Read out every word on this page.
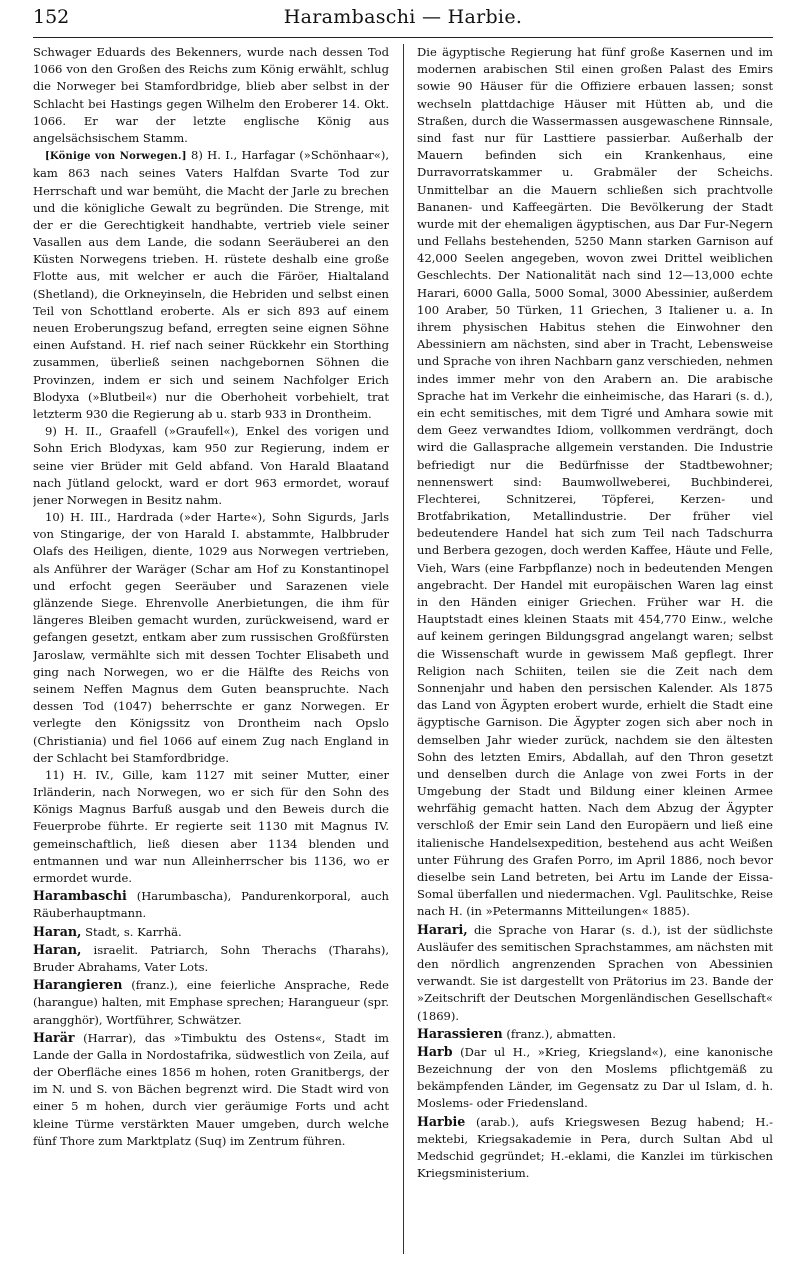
152	Harambaschi — Harbie.

Schwager Eduards des Bekenners, wurde nach dessen Tod 1066 von den Großen des Reichs zum König erwählt, schlug die Norweger bei Stamfordbridge, blieb aber selbst in der Schlacht bei Hastings gegen Wilhelm den Eroberer 14. Okt. 1066. Er war der letzte englische König aus angelsächsischem Stamm.

[Könige von Norwegen.] 8) H. I., Harfagar (»Schönhaar«), kam 863 nach seines Vaters Halfdan Svarte Tod zur Herrschaft und war bemüht, die Macht der Jarle zu brechen und die königliche Gewalt zu begründen. Die Strenge, mit der er die Gerechtigkeit handhabte, vertrieb viele seiner Vasallen aus dem Lande, die sodann Seeräuberei an den Küsten Norwegens trieben. H. rüstete deshalb eine große Flotte aus, mit welcher er auch die Färöer, Hialtaland (Shetland), die Orkneyinseln, die Hebriden und selbst einen Teil von Schottland eroberte. Als er sich 893 auf einem neuen Eroberungszug befand, erregten seine eignen Söhne einen Aufstand. H. rief nach seiner Rückkehr ein Storthing zusammen, überließ seinen nachgebornen Söhnen die Provinzen, indem er sich und seinem Nachfolger Erich Blodyxa (»Blutbeil«) nur die Oberhoheit vorbehielt, trat letzterm 930 die Regierung ab u. starb 933 in Drontheim.

9) H. II., Graafell (»Graufell«), Enkel des vorigen und Sohn Erich Blodyxas, kam 950 zur Regierung, indem er seine vier Brüder mit Geld abfand. Von Harald Blaatand nach Jütland gelockt, ward er dort 963 ermordet, worauf jener Norwegen in Besitz nahm.

10) H. III., Hardrada (»der Harte«), Sohn Sigurds, Jarls von Stingarige, der von Harald I. abstammte, Halbbruder Olafs des Heiligen, diente, 1029 aus Norwegen vertrieben, als Anführer der Waräger (Schar am Hof zu Konstantinopel und erfocht gegen Seeräuber und Sarazenen viele glänzende Siege. Ehrenvolle Anerbietungen, die ihm für längeres Bleiben gemacht wurden, zurückweisend, ward er gefangen gesetzt, entkam aber zum russischen Großfürsten Jaroslaw, vermählte sich mit dessen Tochter Elisabeth und ging nach Norwegen, wo er die Hälfte des Reichs von seinem Neffen Magnus dem Guten beanspruchte. Nach dessen Tod (1047) beherrschte er ganz Norwegen. Er verlegte den Königssitz von Drontheim nach Opslo (Christiania) und fiel 1066 auf einem Zug nach England in der Schlacht bei Stamfordbridge.

11) H. IV., Gille, kam 1127 mit seiner Mutter, einer Irländerin, nach Norwegen, wo er sich für den Sohn des Königs Magnus Barfuß ausgab und den Beweis durch die Feuerprobe führte. Er regierte seit 1130 mit Magnus IV. gemeinschaftlich, ließ diesen aber 1134 blenden und entmannen und war nun Alleinherrscher bis 1136, wo er ermordet wurde.

Harambaschi (Harumbascha), Pandurenkorporal, auch Räuberhauptmann.

Haran, Stadt, s. Karrhä.

Haran, israelit. Patriarch, Sohn Therachs (Tharahs), Bruder Abrahams, Vater Lots.

Harangieren (franz.), eine feierliche Ansprache, Rede (harangue) halten, mit Emphase sprechen; Harangueur (spr. arangghör), Wortführer, Schwätzer.

Harär (Harrar), das »Timbuktu des Ostens«, Stadt im Lande der Galla in Nordostafrika, südwestlich von Zeila, auf der Oberfläche eines 1856 m hohen, roten Granitbergs, der im N. und S. von Bächen begrenzt wird. Die Stadt wird von einer 5 m hohen, durch vier geräumige Forts und acht kleine Türme verstärkten Mauer umgeben, durch welche fünf Thore zum Marktplatz (Suq) im Zentrum führen.

Die ägyptische Regierung hat fünf große Kasernen und im modernen arabischen Stil einen großen Palast des Emirs sowie 90 Häuser für die Offiziere erbauen lassen; sonst wechseln plattdachige Häuser mit Hütten ab, und die Straßen, durch die Wassermassen ausgewaschene Rinnsale, sind fast nur für Lasttiere passierbar. Außerhalb der Mauern befinden sich ein Krankenhaus, eine Durravorratskammer u. Grabmäler der Scheichs. Unmittelbar an die Mauern schließen sich prachtvolle Bananen- und Kaffeegärten. Die Bevölkerung der Stadt wurde mit der ehemaligen ägyptischen, aus Dar Fur-Negern und Fellahs bestehenden, 5250 Mann starken Garnison auf 42,000 Seelen angegeben, wovon zwei Drittel weiblichen Geschlechts. Der Nationalität nach sind 12—13,000 echte Harari, 6000 Galla, 5000 Somal, 3000 Abessinier, außerdem 100 Araber, 50 Türken, 11 Griechen, 3 Italiener u. a. In ihrem physischen Habitus stehen die Einwohner den Abessiniern am nächsten, sind aber in Tracht, Lebensweise und Sprache von ihren Nachbarn ganz verschieden, nehmen indes immer mehr von den Arabern an. Die arabische Sprache hat im Verkehr die einheimische, das Harari (s. d.), ein echt semitisches, mit dem Tigré und Amhara sowie mit dem Geez verwandtes Idiom, vollkommen verdrängt, doch wird die Gallasprache allgemein verstanden. Die Industrie befriedigt nur die Bedürfnisse der Stadtbewohner; nennenswert sind: Baumwollweberei, Buchbinderei, Flechterei, Schnitzerei, Töpferei, Kerzen- und Brotfabrikation, Metallindustrie. Der früher viel bedeutendere Handel hat sich zum Teil nach Tadschurra und Berbera gezogen, doch werden Kaffee, Häute und Felle, Vieh, Wars (eine Farbpflanze) noch in bedeutenden Mengen angebracht. Der Handel mit europäischen Waren lag einst in den Händen einiger Griechen. Früher war H. die Hauptstadt eines kleinen Staats mit 454,770 Einw., welche auf keinem geringen Bildungsgrad angelangt waren; selbst die Wissenschaft wurde in gewissem Maß gepflegt. Ihrer Religion nach Schiiten, teilen sie die Zeit nach dem Sonnenjahr und haben den persischen Kalender. Als 1875 das Land von Ägypten erobert wurde, erhielt die Stadt eine ägyptische Garnison. Die Ägypter zogen sich aber noch in demselben Jahr wieder zurück, nachdem sie den ältesten Sohn des letzten Emirs, Abdallah, auf den Thron gesetzt und denselben durch die Anlage von zwei Forts in der Umgebung der Stadt und Bildung einer kleinen Armee wehrfähig gemacht hatten. Nach dem Abzug der Ägypter verschloß der Emir sein Land den Europäern und ließ eine italienische Handelsexpedition, bestehend aus acht Weißen unter Führung des Grafen Porro, im April 1886, noch bevor dieselbe sein Land betreten, bei Artu im Lande der Eissa-Somal überfallen und niedermachen. Vgl. Paulitschke, Reise nach H. (in »Petermanns Mitteilungen« 1885).

Harari, die Sprache von Harar (s. d.), ist der südlichste Ausläufer des semitischen Sprachstammes, am nächsten mit den nördlich angrenzenden Sprachen von Abessinien verwandt. Sie ist dargestellt von Prätorius im 23. Bande der »Zeitschrift der Deutschen Morgenländischen Gesellschaft« (1869).

Harassieren (franz.), abmatten.

Harb (Dar ul H., »Krieg, Kriegsland«), eine kanonische Bezeichnung der von den Moslems pflichtgemäß zu bekämpfenden Länder, im Gegensatz zu Dar ul Islam, d. h. Moslems- oder Friedensland.

Harbie (arab.), aufs Kriegswesen Bezug habend; H.-mektebi, Kriegsakademie in Pera, durch Sultan Abd ul Medschid gegründet; H.-eklami, die Kanzlei im türkischen Kriegsministerium.
